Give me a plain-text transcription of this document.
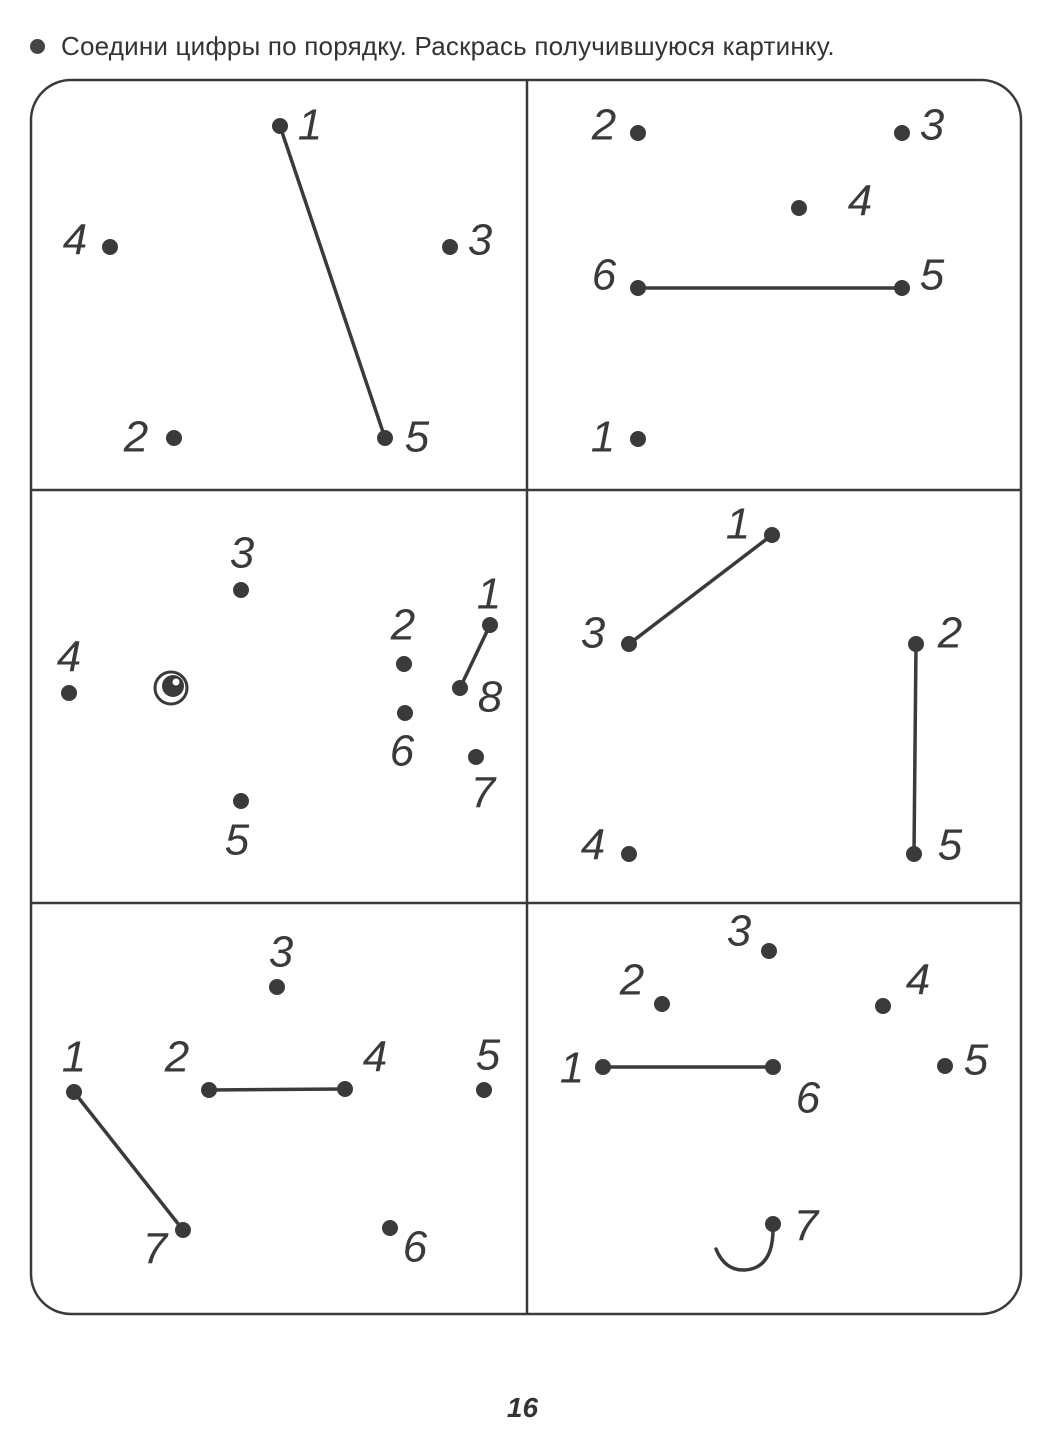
Соедини цифры по порядку. Раскрась получившуюся картинку.
1
2
3
4
5	1
2	3
4
5
6
1
2
3
4
5
6
7
8
1
2
3
4	5
1 2
3
4 5
6
7
1
2
3
4
5
6
7
16
